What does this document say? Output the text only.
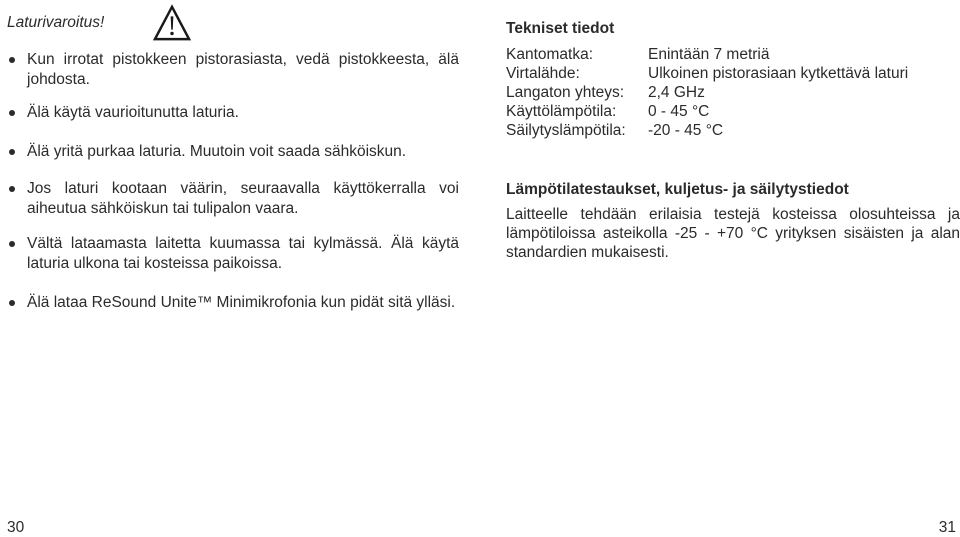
Laturivaroitus!
Kun irrotat pistokkeen pistorasiasta, vedä pistokkeesta, älä johdosta.
Älä käytä vaurioitunutta laturia.
Älä yritä purkaa laturia. Muutoin voit saada sähköiskun.
Jos laturi kootaan väärin, seuraavalla käyttökerralla voi aiheutua sähköiskun tai tulipalon vaara.
Vältä lataamasta laitetta kuumassa tai kylmässä. Älä käytä laturia ulkona tai kosteissa paikoissa.
Älä lataa ReSound Unite™ Minimikrofonia kun pidät sitä ylläsi.
30
Tekniset tiedot
Kantomatka:	Enintään 7 metriä
Virtalähde:	Ulkoinen pistorasiaan kytkettävä laturi
Langaton yhteys:	2,4 GHz
Käyttölämpötila:	0 - 45 °C
Säilytyslämpötila:	-20 - 45 °C
Lämpötilatestaukset, kuljetus- ja säilytystiedot

Laitteelle tehdään erilaisia testejä kosteissa olosuhteissa ja lämpötiloissa asteikolla -25 - +70 °C yrityksen sisäisten ja alan standardien mukaisesti.

31
